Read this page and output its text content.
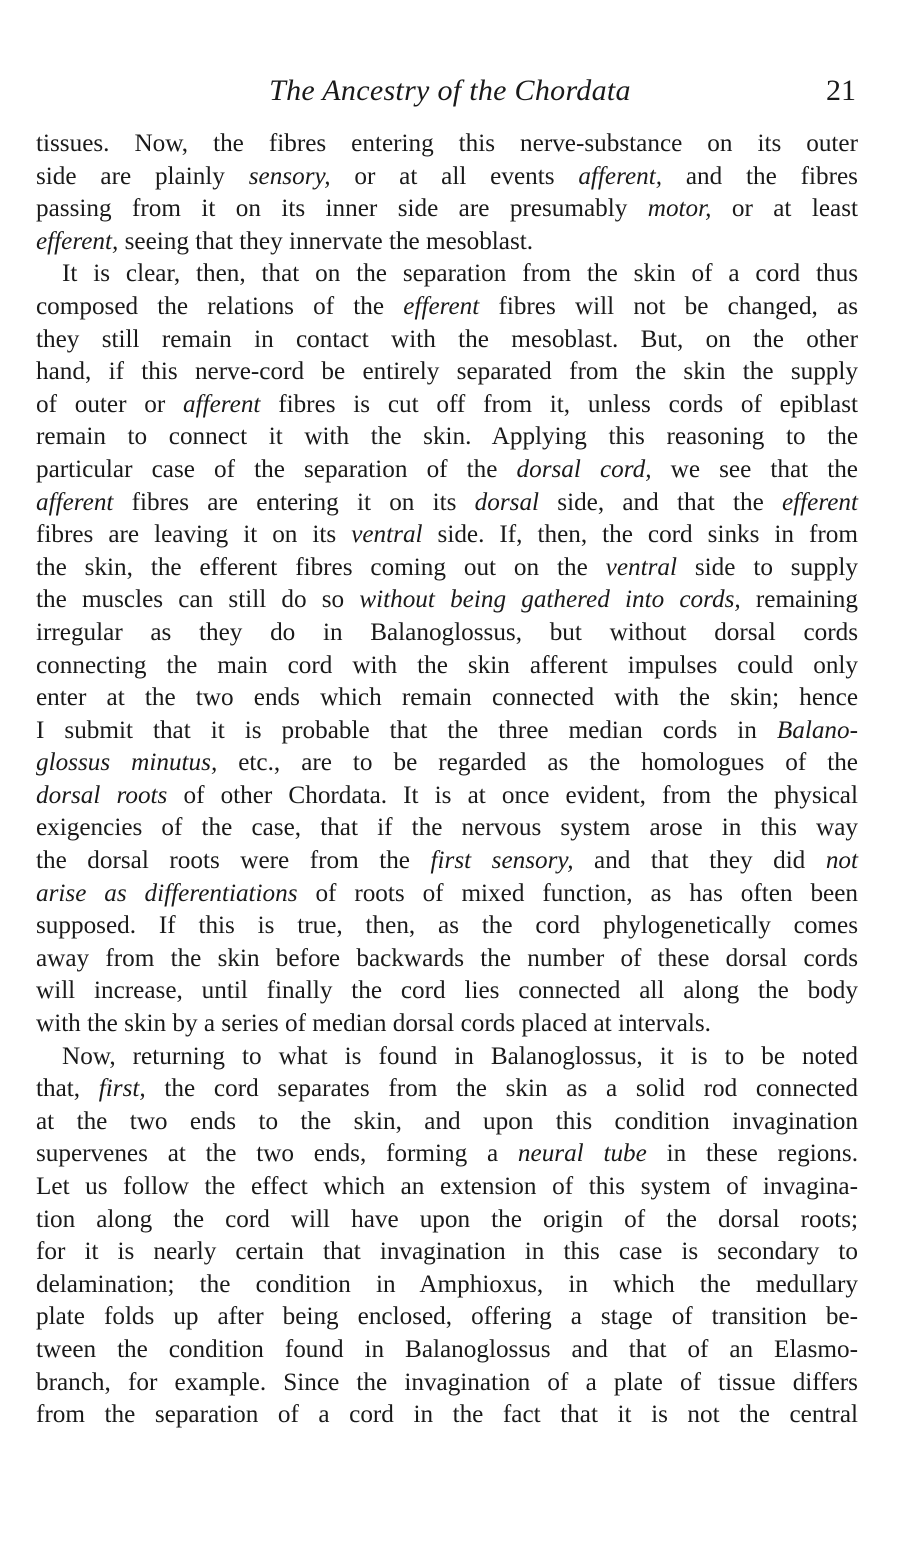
The Ancestry of the Chordata	21
tissues. Now, the fibres entering this nerve-substance on its outer
side are plainly sensory, or at all events afferent, and the fibres
passing from it on its inner side are presumably motor, or at least
efferent, seeing that they innervate the mesoblast.
It is clear, then, that on the separation from the skin of a cord thus
composed the relations of the efferent fibres will not be changed, as
they still remain in contact with the mesoblast. But, on the other
hand, if this nerve-cord be entirely separated from the skin the supply
of outer or afferent fibres is cut off from it, unless cords of epiblast
remain to connect it with the skin. Applying this reasoning to the
particular case of the separation of the dorsal cord, we see that the
afferent fibres are entering it on its dorsal side, and that the efferent
fibres are leaving it on its ventral side. If, then, the cord sinks in from
the skin, the efferent fibres coming out on the ventral side to supply
the muscles can still do so without being gathered into cords, remaining
irregular as they do in Balanoglossus, but without dorsal cords
connecting the main cord with the skin afferent impulses could only
enter at the two ends which remain connected with the skin; hence
I submit that it is probable that the three median cords in Balano-
glossus minutus, etc., are to be regarded as the homologues of the
dorsal roots of other Chordata. It is at once evident, from the physical
exigencies of the case, that if the nervous system arose in this way
the dorsal roots were from the first sensory, and that they did not
arise as differentiations of roots of mixed function, as has often been
supposed. If this is true, then, as the cord phylogenetically comes
away from the skin before backwards the number of these dorsal cords
will increase, until finally the cord lies connected all along the body
with the skin by a series of median dorsal cords placed at intervals.
Now, returning to what is found in Balanoglossus, it is to be noted
that, first, the cord separates from the skin as a solid rod connected
at the two ends to the skin, and upon this condition invagination
supervenes at the two ends, forming a neural tube in these regions.
Let us follow the effect which an extension of this system of invagina-
tion along the cord will have upon the origin of the dorsal roots;
for it is nearly certain that invagination in this case is secondary to
delamination; the condition in Amphioxus, in which the medullary
plate folds up after being enclosed, offering a stage of transition be-
tween the condition found in Balanoglossus and that of an Elasmo-
branch, for example. Since the invagination of a plate of tissue differs
from the separation of a cord in the fact that it is not the central
